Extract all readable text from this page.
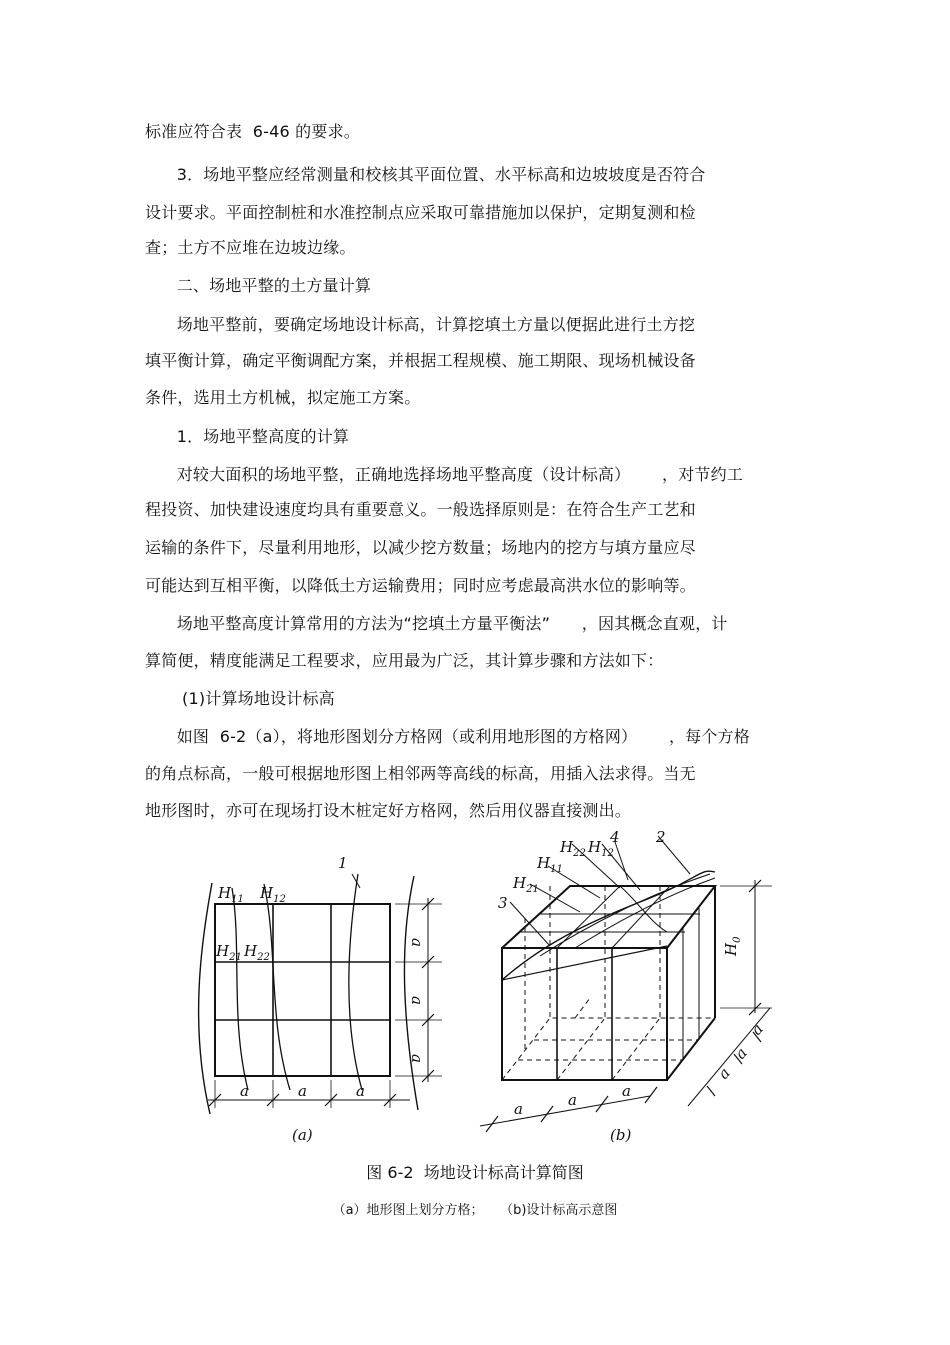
标准应符合表  6-46 的要求。
3．场地平整应经常测量和校核其平面位置、水平标高和边坡坡度是否符合
设计要求。平面控制桩和水准控制点应采取可靠措施加以保护，定期复测和检
查；土方不应堆在边坡边缘。
二、场地平整的土方量计算
场地平整前，要确定场地设计标高，计算挖填土方量以便据此进行土方挖
填平衡计算，确定平衡调配方案，并根据工程规模、施工期限、现场机械设备
条件，选用土方机械，拟定施工方案。
1．场地平整高度的计算
对较大面积的场地平整，正确地选择场地平整高度（设计标高）      ，对节约工
程投资、加快建设速度均具有重要意义。一般选择原则是：在符合生产工艺和
运输的条件下，尽量利用地形，以减少挖方数量；场地内的挖方与填方量应尽
可能达到互相平衡，以降低土方运输费用；同时应考虑最高洪水位的影响等。
场地平整高度计算常用的方法为“挖填土方量平衡法”      ，因其概念直观，计
算简便，精度能满足工程要求，应用最为广泛，其计算步骤和方法如下：
(1)计算场地设计标高
如图  6-2（a），将地形图划分方格网（或利用地形图的方格网）      ，每个方格
的角点标高，一般可根据地形图上相邻两等高线的标高，用插入法求得。当无
地形图时，亦可在现场打设木桩定好方格网，然后用仪器直接测出。
$H_{11}$ $H_{12}$
$H_{21}$ $H_{22}$
1
a
a
a
a	a	a
(a)
$H_{22}$ $H_{12}$
$H_{11}$
$H_{21}$
4 2
3
$H_0$
a
a
a
a	a	a
(b)
图 6-2  场地设计标高计算简图
（a）地形图上划分方格；    （b)设计标高示意图
